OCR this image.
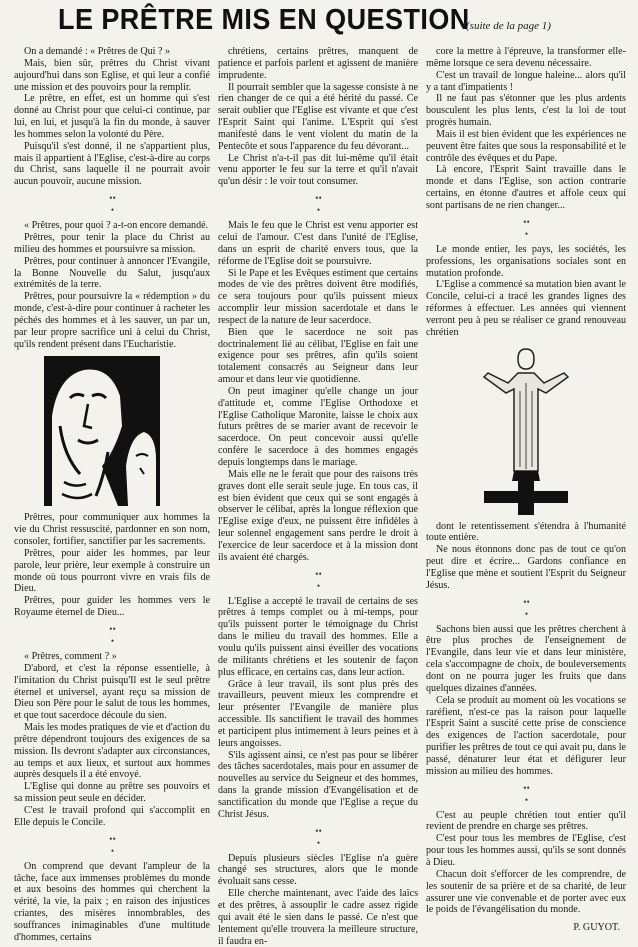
LE PRÊTRE MIS EN QUESTION
(suite de la page 1)

On a demandé : « Prêtres de Qui ? »

Mais, bien sûr, prêtres du Christ vivant aujourd'hui dans son Eglise, et qui leur a confié une mission et des pouvoirs pour la remplir.

Le prêtre, en effet, est un homme qui s'est donné au Christ pour que celui-ci continue, par lui, en lui, et jusqu'à la fin du monde, à sauver les hommes selon la volonté du Père.

Puisqu'il s'est donné, il ne s'appartient plus, mais il appartient à l'Eglise, c'est-à-dire au corps du Christ, sans laquelle il ne pourrait avoir aucun pouvoir, aucune mission.

• •
•

« Prêtres, pour quoi ? a-t-on encore demandé.

Prêtres, pour tenir la place du Christ au milieu des hommes et poursuivre sa mission.

Prêtres, pour continuer à annoncer l'Evangile, la Bonne Nouvelle du Salut, jusqu'aux extrémités de la terre.

Prêtres, pour poursuivre la « rédemption » du monde, c'est-à-dire pour continuer à racheter les péchés des hommes et à les sauver, un par un, par leur propre sacrifice uni à celui du Christ, qu'ils rendent présent dans l'Eucharistie.

Prêtres, pour communiquer aux hommes la vie du Christ ressuscité, pardonner en son nom, consoler, fortifier, sanctifier par les sacrements.

Prêtres, pour aider les hommes, par leur parole, leur prière, leur exemple à construire un monde où tous pourront vivre en vrais fils de Dieu.

Prêtres, pour guider les hommes vers le Royaume éternel de Dieu...

• •
•

« Prêtres, comment ? »

D'abord, et c'est la réponse essentielle, à l'imitation du Christ puisqu'Il est le seul prêtre éternel et universel, ayant reçu sa mission de Dieu son Père pour le salut de tous les hommes, et que tout sacerdoce découle du sien.

Mais les modes pratiques de vie et d'action du prêtre dépendront toujours des exigences de sa mission. Ils devront s'adapter aux circonstances, au temps et aux lieux, et surtout aux hommes auprès desquels il a été envoyé.

L'Eglise qui donne au prêtre ses pouvoirs et sa mission peut seule en décider.

C'est le travail profond qui s'accomplit en Elle depuis le Concile.

• •
•

On comprend que devant l'ampleur de la tâche, face aux immenses problèmes du monde et aux besoins des hommes qui cherchent la vérité, la vie, la paix ; en raison des injustices criantes, des misères innombrables, des souffrances inimaginables d'une multitude d'hommes, certains

chrétiens, certains prêtres, manquent de patience et parfois parlent et agissent de manière imprudente.

Il pourrait sembler que la sagesse consiste à ne rien changer de ce qui a été hérité du passé. Ce serait oublier que l'Eglise est vivante et que c'est l'Esprit Saint qui l'anime. L'Esprit qui s'est manifesté dans le vent violent du matin de la Pentecôte et sous l'apparence du feu dévorant...

Le Christ n'a-t-il pas dit lui-même qu'il était venu apporter le feu sur la terre et qu'il n'avait qu'un désir : le voir tout consumer.

• •
•

Mais le feu que le Christ est venu apporter est celui de l'amour. C'est dans l'unité de l'Eglise, dans un esprit de charité envers tous, que la réforme de l'Eglise doit se poursuivre.

Si le Pape et les Evêques estiment que certains modes de vie des prêtres doivent être modifiés, ce sera toujours pour qu'ils puissent mieux accomplir leur mission sacerdotale et dans le respect de la nature de leur sacerdoce.

Bien que le sacerdoce ne soit pas doctrinalement lié au célibat, l'Eglise en fait une exigence pour ses prêtres, afin qu'ils soient totalement consacrés au Seigneur dans leur amour et dans leur vie quotidienne.

On peut imaginer qu'elle change un jour d'attitude et, comme l'Eglise Orthodoxe et l'Eglise Catholique Maronite, laisse le choix aux futurs prêtres de se marier avant de recevoir le sacerdoce. On peut concevoir aussi qu'elle confère le sacerdoce à des hommes engagés depuis longtemps dans le mariage.

Mais elle ne le ferait que pour des raisons très graves dont elle serait seule juge. En tous cas, il est bien évident que ceux qui se sont engagés à observer le célibat, après la longue réflexion que l'Eglise exige d'eux, ne puissent être infidèles à leur solennel engagement sans perdre le droit à l'exercice de leur sacerdoce et à la mission dont ils avaient été chargés.

• •
•

L'Eglise a accepté le travail de certains de ses prêtres à temps complet ou à mi-temps, pour qu'ils puissent porter le témoignage du Christ dans le milieu du travail des hommes. Elle a voulu qu'ils puissent ainsi éveiller des vocations de militants chrétiens et les soutenir de façon plus efficace, en certains cas, dans leur action.

Grâce à leur travail, ils sont plus près des travailleurs, peuvent mieux les comprendre et leur présenter l'Evangile de manière plus accessible. Ils sanctifient le travail des hommes et participent plus intimement à leurs peines et à leurs angoisses.

S'ils agissent ainsi, ce n'est pas pour se libérer des tâches sacerdotales, mais pour en assumer de nouvelles au service du Seigneur et des hommes, dans la grande mission d'Evangélisation et de sanctification du monde que l'Eglise a reçue du Christ Jésus.

• •
•

Depuis plusieurs siècles l'Eglise n'a guère changé ses structures, alors que le monde évoluait sans cesse.

Elle cherche maintenant, avec l'aide des laïcs et des prêtres, à assouplir le cadre assez rigide qui avait été le sien dans le passé. Ce n'est que lentement qu'elle trouvera la meilleure structure, il faudra en-

core la mettre à l'épreuve, la transformer elle-même lorsque ce sera devenu nécessaire.

C'est un travail de longue haleine... alors qu'il y a tant d'impatients !

Il ne faut pas s'étonner que les plus ardents bousculent les plus lents, c'est la loi de tout progrès humain.

Mais il est bien évident que les expériences ne peuvent être faites que sous la responsabilité et le contrôle des évêques et du Pape.

Là encore, l'Esprit Saint travaille dans le monde et dans l'Eglise, son action contrarie certains, en étonne d'autres et affole ceux qui sont partisans de ne rien changer...

• •
•

Le monde entier, les pays, les sociétés, les professions, les organisations sociales sont en mutation profonde.

L'Eglise a commencé sa mutation bien avant le Concile, celui-ci a tracé les grandes lignes des réformes à effectuer. Les années qui viennent verront peu à peu se réaliser ce grand renouveau chrétien

dont le retentissement s'étendra à l'humanité toute entière.

Ne nous étonnons donc pas de tout ce qu'on peut dire et écrire... Gardons confiance en l'Eglise que mène et soutient l'Esprit du Seigneur Jésus.

• •
•

Sachons bien aussi que les prêtres cherchent à être plus proches de l'enseignement de l'Evangile, dans leur vie et dans leur ministère, cela s'accompagne de choix, de bouleversements dont on ne pourra juger les fruits que dans quelques dizaines d'années.

Cela se produit au moment où les vocations se raréfient, n'est-ce pas la raison pour laquelle l'Esprit Saint a suscité cette prise de conscience des exigences de l'action sacerdotale, pour purifier les prêtres de tout ce qui avait pu, dans le passé, dénaturer leur état et défigurer leur mission au milieu des hommes.

• •
•

C'est au peuple chrétien tout entier qu'il revient de prendre en charge ses prêtres.

C'est pour tous les membres de l'Eglise, c'est pour tous les hommes aussi, qu'ils se sont donnés à Dieu.

Chacun doit s'efforcer de les comprendre, de les soutenir de sa prière et de sa charité, de leur assurer une vie convenable et de porter avec eux le poids de l'évangélisation du monde.

P. GUYOT.
